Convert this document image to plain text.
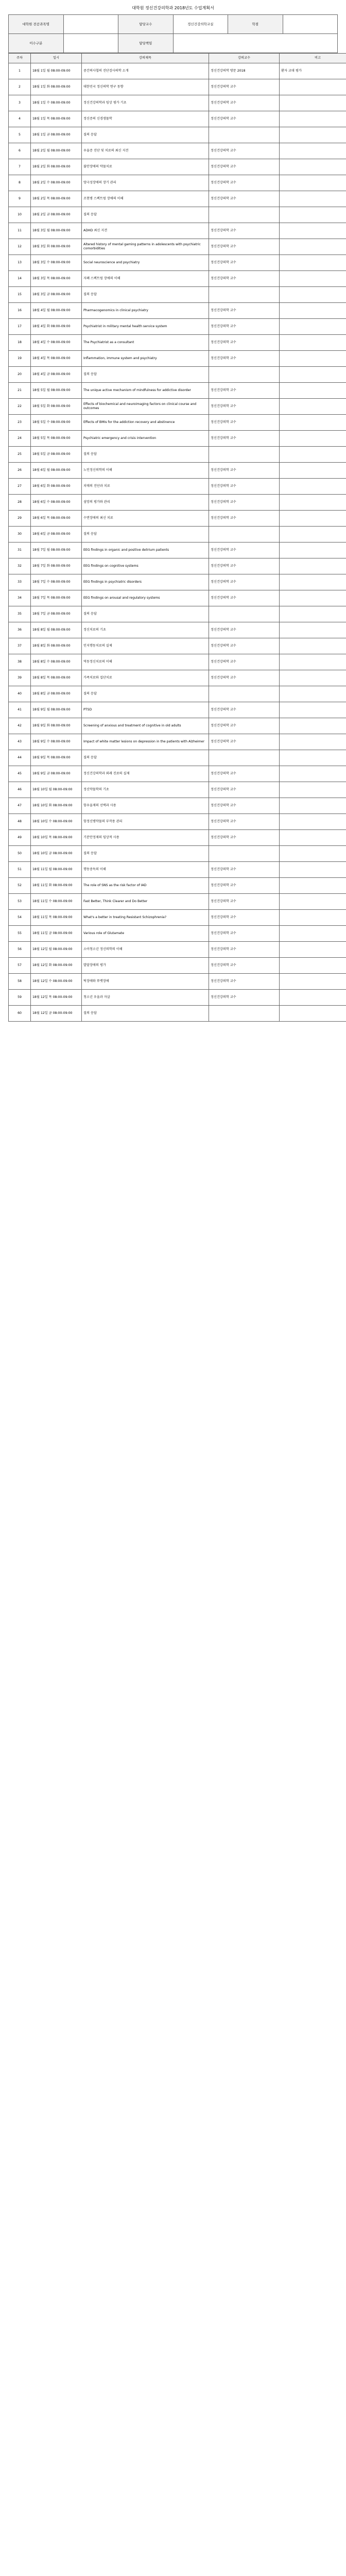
대학원 정신건강의학과 2018년도 수업계획서
대학원 전공과목명		담당교수	정신건강의학교실	학점	
이수구분		담당책임			
주차	일시	강의제목	강의교수	비고
1	18월 1일 월 08:00-09:00	중간의사협의 진단검사의학 소개	정신건강의학 방문 2018	환자 교대 평가
2	18월 1일 화 08:00-09:00	대한민국 정신의학 연구 동향	정신건강의학 교수	
3	18월 1일 수 08:00-09:00	정신건강의학과 임상 평가 기초	정신건강의학 교수	
4	18월 1일 목 08:00-09:00	정신증의 신경생물학	정신건강의학 교수	
5	18월 1일 금 08:00-09:00	질의 응답		
6	18월 2일 월 08:00-09:00	우울증 진단 및 치료의 최신 지견	정신건강의학 교수	
7	18월 2일 화 08:00-09:00	불안장애의 약물치료	정신건강의학 교수	
8	18월 2일 수 08:00-09:00	양극성장애의 장기 관리	정신건강의학 교수	
9	18월 2일 목 08:00-09:00	조현병 스펙트럼 장애의 이해	정신건강의학 교수	
10	18월 2일 금 08:00-09:00	질의 응답		
11	18월 3일 월 08:00-09:00	ADHD 최신 지견	정신건강의학 교수	
12	18월 3일 화 08:00-09:00	Altered history of mental gaming patterns in adolescents with psychiatric comorbidities	정신건강의학 교수	
13	18월 3일 수 08:00-09:00	Social neuroscience and psychiatry	정신건강의학 교수	
14	18월 3일 목 08:00-09:00	자폐 스펙트럼 장애의 이해	정신건강의학 교수	
15	18월 3일 금 08:00-09:00	질의 응답		
16	18월 4일 월 08:00-09:00	Pharmacogenomics in clinical psychiatry	정신건강의학 교수	
17	18월 4일 화 08:00-09:00	Psychiatrist in military mental health service system	정신건강의학 교수	
18	18월 4일 수 08:00-09:00	The Psychiatrist as a consultant	정신건강의학 교수	
19	18월 4일 목 08:00-09:00	Inflammation, immune system and psychiatry	정신건강의학 교수	
20	18월 4일 금 08:00-09:00	질의 응답		
21	18월 5일 월 08:00-09:00	The unique active mechanism of mindfulness for addictive disorder	정신건강의학 교수	
22	18월 5일 화 08:00-09:00	Effects of biochemical and neuroimaging factors on clinical course and outcomes	정신건강의학 교수	
23	18월 5일 수 08:00-09:00	Effects of BMIs for the addiction recovery and abstinence	정신건강의학 교수	
24	18월 5일 목 08:00-09:00	Psychiatric emergency and crisis intervention	정신건강의학 교수	
25	18월 5일 금 08:00-09:00	질의 응답		
26	18월 6일 월 08:00-09:00	노인정신의학의 이해	정신건강의학 교수	
27	18월 6일 화 08:00-09:00	치매의 진단과 치료	정신건강의학 교수	
28	18월 6일 수 08:00-09:00	섬망의 평가와 관리	정신건강의학 교수	
29	18월 6일 목 08:00-09:00	수면장애의 최신 치료	정신건강의학 교수	
30	18월 6일 금 08:00-09:00	질의 응답		
31	18월 7일 월 08:00-09:00	EEG findings in organic and positive delirium patients	정신건강의학 교수	
32	18월 7일 화 08:00-09:00	EEG findings on cognitive systems	정신건강의학 교수	
33	18월 7일 수 08:00-09:00	EEG findings in psychiatric disorders	정신건강의학 교수	
34	18월 7일 목 08:00-09:00	EEG findings on arousal and regulatory systems	정신건강의학 교수	
35	18월 7일 금 08:00-09:00	질의 응답		
36	18월 8일 월 08:00-09:00	정신치료의 기초	정신건강의학 교수	
37	18월 8일 화 08:00-09:00	인지행동치료의 실제	정신건강의학 교수	
38	18월 8일 수 08:00-09:00	역동정신치료의 이해	정신건강의학 교수	
39	18월 8일 목 08:00-09:00	가족치료와 집단치료	정신건강의학 교수	
40	18월 8일 금 08:00-09:00	질의 응답		
41	18월 9일 월 08:00-09:00	PTSD	정신건강의학 교수	
42	18월 9일 화 08:00-09:00	Screening of anxious and treatment of cognitive in old adults	정신건강의학 교수	
43	18월 9일 수 08:00-09:00	Impact of white matter lesions on depression in the patients with Alzheimer	정신건강의학 교수	
44	18월 9일 목 08:00-09:00	질의 응답		
45	18월 9일 금 08:00-09:00	정신건강의학과 외래 진료의 실제	정신건강의학 교수	
46	18월 10일 월 08:00-09:00	정신약물학의 기초	정신건강의학 교수	
47	18월 10일 화 08:00-09:00	항우울제의 선택과 사용	정신건강의학 교수	
48	18월 10일 수 08:00-09:00	항정신병약물의 부작용 관리	정신건강의학 교수	
49	18월 10일 목 08:00-09:00	기분안정제의 임상적 사용	정신건강의학 교수	
50	18월 10일 금 08:00-09:00	질의 응답		
51	18월 11일 월 08:00-09:00	행동중독의 이해	정신건강의학 교수	
52	18월 11일 화 08:00-09:00	The role of SNS as the risk factor of IAD	정신건강의학 교수	
53	18월 11일 수 08:00-09:00	Fast Better, Think Clearer and Do Better	정신건강의학 교수	
54	18월 11일 목 08:00-09:00	What's a better in treating Resistant Schizophrenia?	정신건강의학 교수	
55	18월 11일 금 08:00-09:00	Various role of Glutamate	정신건강의학 교수	
56	18월 12일 월 08:00-09:00	소아청소년 정신의학의 이해	정신건강의학 교수	
57	18월 12일 화 08:00-09:00	발달장애의 평가	정신건강의학 교수	
58	18월 12일 수 08:00-09:00	틱장애와 뚜렛장애	정신건강의학 교수	
59	18월 12일 목 08:00-09:00	청소년 우울과 자살	정신건강의학 교수	
60	18월 12일 금 08:00-09:00	질의 응답		
